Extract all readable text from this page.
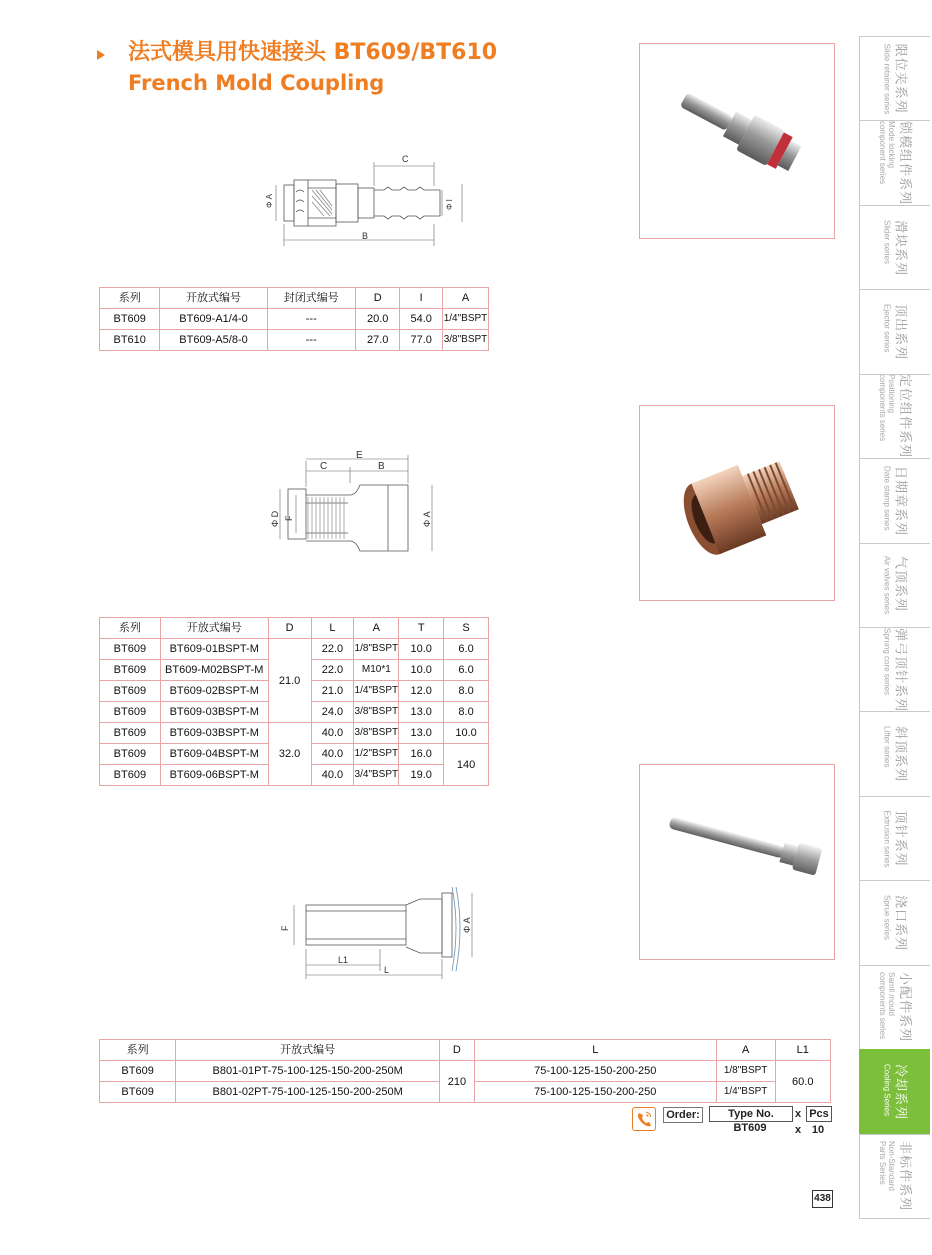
法式模具用快速接头 BT609/BT610
French Mold Coupling
C
B
Φ A	Φ I
系列	开放式编号	封闭式编号	D	I	A
BT609	BT609-A1/4-0	---	20.0	54.0	1/4"BSPT
BT610	BT609-A5/8-0	---	27.0	77.0	3/8"BSPT
E
C	B
Φ D F	Φ A
系列	开放式编号	D	L	A	T	S
BT609	BT609-01BSPT-M	21.0	22.0	1/8"BSPT	10.0	6.0
BT609	BT609-M02BSPT-M		22.0	M10*1	10.0	6.0
BT609	BT609-02BSPT-M		21.0	1/4"BSPT	12.0	8.0
BT609	BT609-03BSPT-M		24.0	3/8"BSPT	13.0	8.0
BT609	BT609-03BSPT-M	32.0	40.0	3/8"BSPT	13.0	10.0
BT609	BT609-04BSPT-M		40.0	1/2"BSPT	16.0	140
BT609	BT609-06BSPT-M		40.0	3/4"BSPT	19.0	
F	Φ A
L1
L
系列	开放式编号	D	L	A	L1
BT609	B801-01PT-75-100-125-150-200-250M	210	75-100-125-150-200-250	1/8"BSPT	60.0
BT609	B801-02PT-75-100-125-150-200-250M		75-100-125-150-200-250	1/4"BSPT	
Order:	Type No.	x Pcs
BT609	x 10
438
限位夹系列
Slide retainer series
锁模组件系列
Mode locking
component series
滑块系列
Slider series
顶出系列
Ejector series
定位组件系列
Positioning
components series
日期章系列
Date stamp series
气顶系列
Air valves series
弹弓顶针系列
Sprung core series
斜顶系列
Lifter series
顶针系列
Extrusion series
浇口系列
Sprue series
小配件系列
Samll mould
components series
冷却系列
Cooling Series
非标件系列
Non-Standard
Parts Series
